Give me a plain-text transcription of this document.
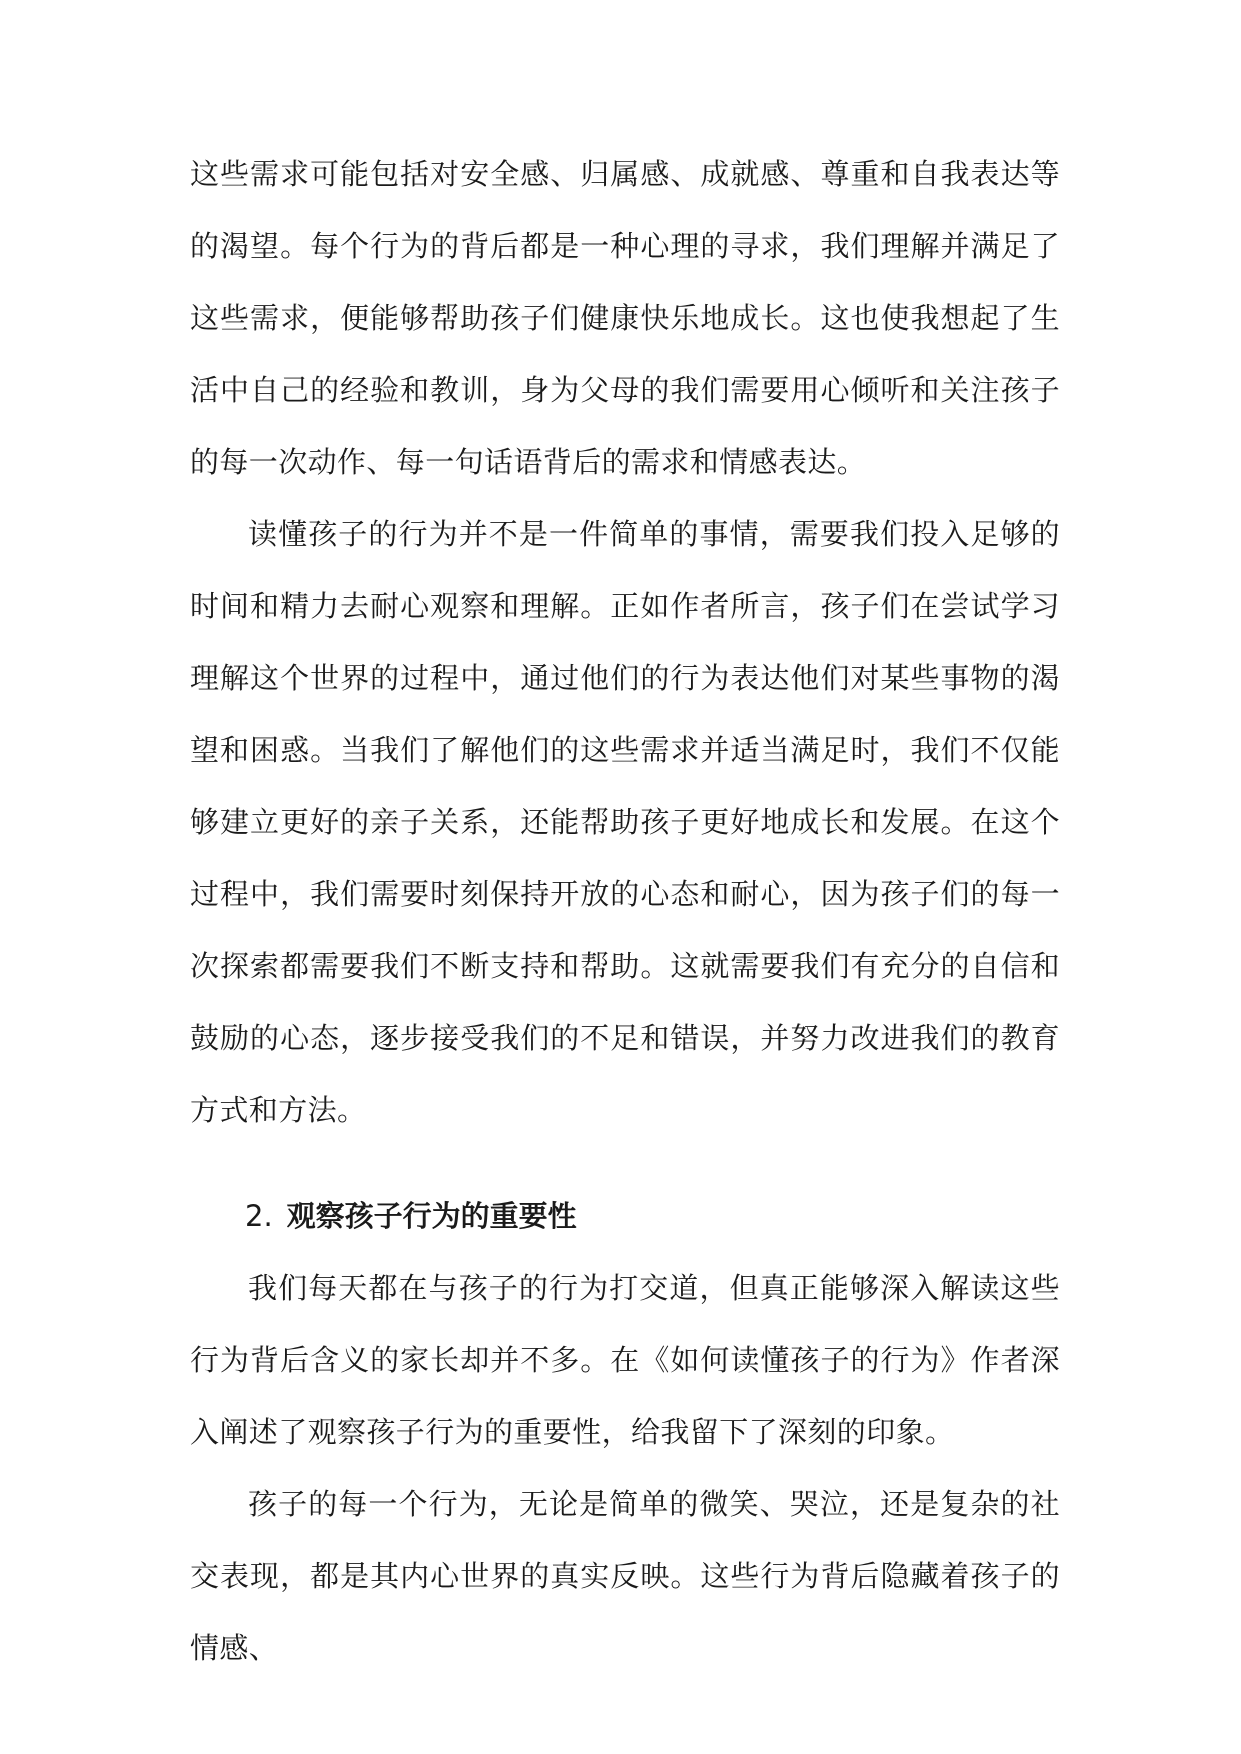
这些需求可能包括对安全感、归属感、成就感、尊重和自我表达等的渴望。每个行为的背后都是一种心理的寻求，我们理解并满足了这些需求，便能够帮助孩子们健康快乐地成长。这也使我想起了生活中自己的经验和教训，身为父母的我们需要用心倾听和关注孩子的每一次动作、每一句话语背后的需求和情感表达。

读懂孩子的行为并不是一件简单的事情，需要我们投入足够的时间和精力去耐心观察和理解。正如作者所言，孩子们在尝试学习理解这个世界的过程中，通过他们的行为表达他们对某些事物的渴望和困惑。当我们了解他们的这些需求并适当满足时，我们不仅能够建立更好的亲子关系，还能帮助孩子更好地成长和发展。在这个过程中，我们需要时刻保持开放的心态和耐心，因为孩子们的每一次探索都需要我们不断支持和帮助。这就需要我们有充分的自信和鼓励的心态，逐步接受我们的不足和错误，并努力改进我们的教育方式和方法。

2. 观察孩子行为的重要性

我们每天都在与孩子的行为打交道，但真正能够深入解读这些行为背后含义的家长却并不多。在《如何读懂孩子的行为》作者深入阐述了观察孩子行为的重要性，给我留下了深刻的印象。

孩子的每一个行为，无论是简单的微笑、哭泣，还是复杂的社交表现，都是其内心世界的真实反映。这些行为背后隐藏着孩子的情感、
